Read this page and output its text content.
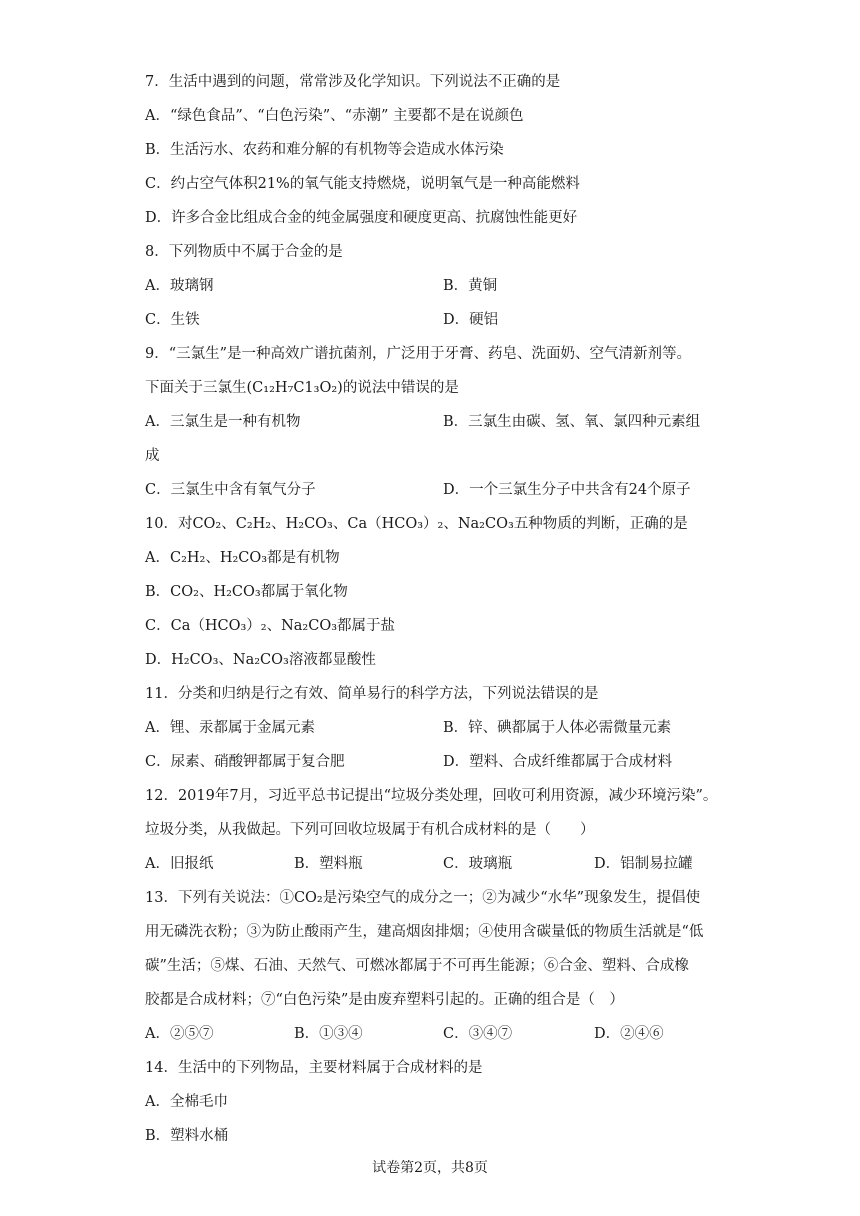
7．生活中遇到的问题，常常涉及化学知识。下列说法不正确的是
A．“绿色食品”、“白色污染”、“赤潮” 主要都不是在说颜色
B．生活污水、农药和难分解的有机物等会造成水体污染
C．约占空气体积21%的氧气能支持燃烧，说明氧气是一种高能燃料
D．许多合金比组成合金的纯金属强度和硬度更高、抗腐蚀性能更好
8．下列物质中不属于合金的是
A．玻璃钢	B．黄铜
C．生铁	D．硬铝
9．“三氯生”是一种高效广谱抗菌剂，广泛用于牙膏、药皂、洗面奶、空气清新剂等。
下面关于三氯生(C₁₂H₇C1₃O₂)的说法中错误的是
A．三氯生是一种有机物	B．三氯生由碳、氢、氧、氯四种元素组
成
C．三氯生中含有氧气分子	D．一个三氯生分子中共含有24个原子
10．对CO₂、C₂H₂、H₂CO₃、Ca（HCO₃）₂、Na₂CO₃五种物质的判断，正确的是
A．C₂H₂、H₂CO₃都是有机物
B．CO₂、H₂CO₃都属于氧化物
C．Ca（HCO₃）₂、Na₂CO₃都属于盐
D．H₂CO₃、Na₂CO₃溶液都显酸性
11．分类和归纳是行之有效、简单易行的科学方法，下列说法错误的是
A．锂、汞都属于金属元素	B．锌、碘都属于人体必需微量元素
C．尿素、硝酸钾都属于复合肥	D．塑料、合成纤维都属于合成材料
12．2019年7月，习近平总书记提出“垃圾分类处理，回收可利用资源，减少环境污染”。
垃圾分类，从我做起。下列可回收垃圾属于有机合成材料的是（　　）
A．旧报纸	B．塑料瓶	C．玻璃瓶	D．铝制易拉罐
13．下列有关说法：①CO₂是污染空气的成分之一；②为减少“水华”现象发生，提倡使
用无磷洗衣粉；③为防止酸雨产生，建高烟囱排烟；④使用含碳量低的物质生活就是“低
碳”生活；⑤煤、石油、天然气、可燃冰都属于不可再生能源；⑥合金、塑料、合成橡
胶都是合成材料；⑦“白色污染”是由废弃塑料引起的。正确的组合是（　）
A．②⑤⑦	B．①③④	C．③④⑦	D．②④⑥
14．生活中的下列物品，主要材料属于合成材料的是
A．全棉毛巾
B．塑料水桶
试卷第2页，共8页
